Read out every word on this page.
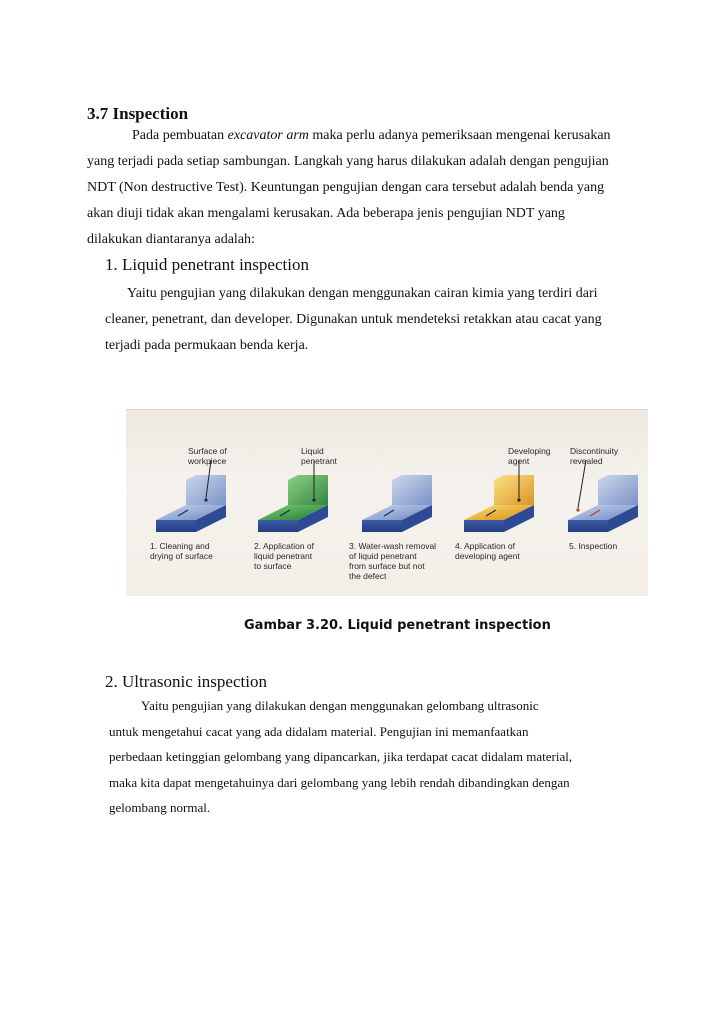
3.7 Inspection
Pada pembuatan excavator arm maka perlu adanya pemeriksaan mengenai kerusakan
yang terjadi pada setiap sambungan. Langkah yang harus dilakukan adalah dengan pengujian
NDT (Non destructive Test). Keuntungan pengujian dengan cara tersebut adalah benda yang
akan diuji tidak akan mengalami kerusakan. Ada beberapa jenis pengujian NDT yang
dilakukan diantaranya adalah:
1. Liquid penetrant inspection
Yaitu pengujian yang dilakukan dengan menggunakan cairan kimia yang terdiri dari
cleaner, penetrant, dan developer. Digunakan untuk mendeteksi retakkan atau cacat yang
terjadi pada permukaan benda kerja.
Surface of
workpiece
Liquid
penetrant
Developing
agent
Discontinuity
revealed
1. Cleaning and
drying of surface
2. Application of
liquid penetrant
to surface
3. Water-wash removal
of liquid penetrant
from surface but not
the defect
4. Application of
developing agent
5. Inspection
Gambar 3.20. Liquid penetrant inspection
2. Ultrasonic inspection
Yaitu pengujian yang dilakukan dengan menggunakan gelombang ultrasonic
untuk mengetahui cacat yang ada didalam material. Pengujian ini memanfaatkan
perbedaan ketinggian gelombang yang dipancarkan, jika terdapat cacat didalam material,
maka kita dapat mengetahuinya dari gelombang yang lebih rendah dibandingkan dengan
gelombang normal.
